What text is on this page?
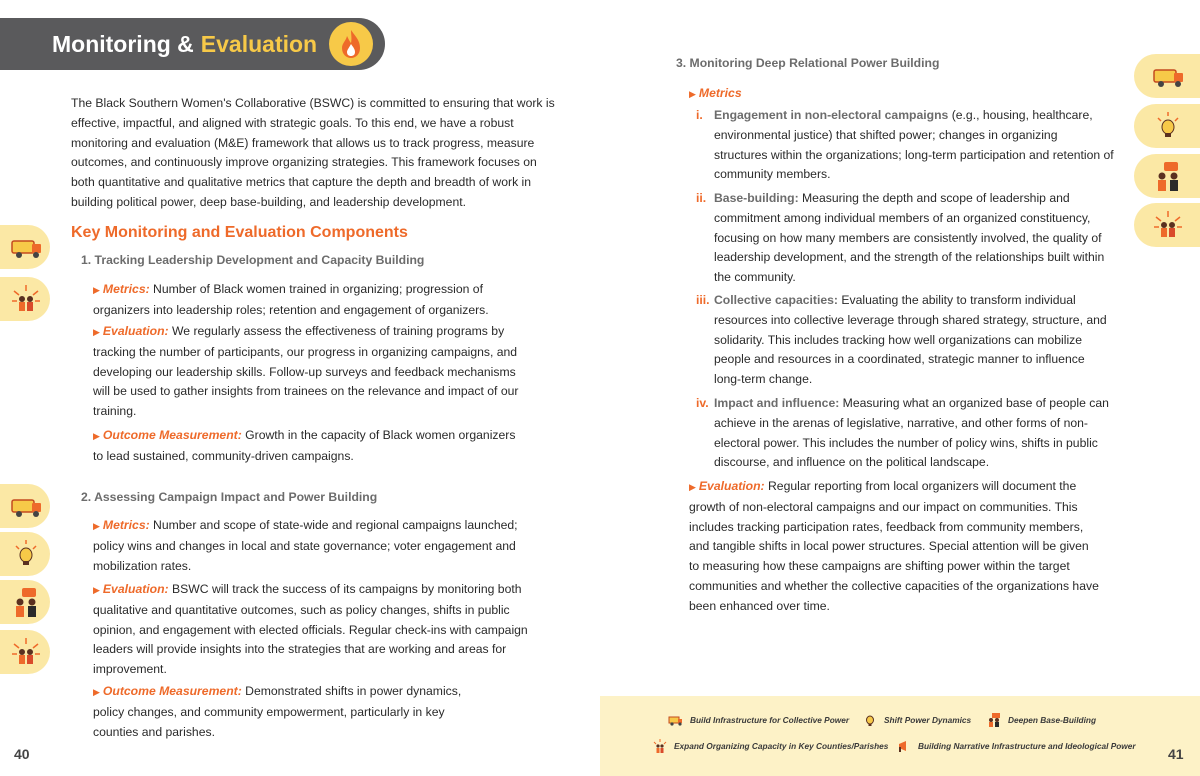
Monitoring & Evaluation
The Black Southern Women's Collaborative (BSWC) is committed to ensuring that work is effective, impactful, and aligned with strategic goals. To this end, we have a robust monitoring and evaluation (M&E) framework that allows us to track progress, measure outcomes, and continuously improve organizing strategies. This framework focuses on both quantitative and qualitative metrics that capture the depth and breadth of work in building political power, deep base-building, and leadership development.
Key Monitoring and Evaluation Components
1. Tracking Leadership Development and Capacity Building
▶ Metrics: Number of Black women trained in organizing; progression of organizers into leadership roles; retention and engagement of organizers.
▶ Evaluation: We regularly assess the effectiveness of training programs by tracking the number of participants, our progress in organizing campaigns, and developing our leadership skills. Follow-up surveys and feedback mechanisms will be used to gather insights from trainees on the relevance and impact of our training.
▶ Outcome Measurement: Growth in the capacity of Black women organizers to lead sustained, community-driven campaigns.
2. Assessing Campaign Impact and Power Building
▶ Metrics: Number and scope of state-wide and regional campaigns launched; policy wins and changes in local and state governance; voter engagement and mobilization rates.
▶ Evaluation: BSWC will track the success of its campaigns by monitoring both qualitative and quantitative outcomes, such as policy changes, shifts in public opinion, and engagement with elected officials. Regular check-ins with campaign leaders will provide insights into the strategies that are working and areas for improvement.
▶ Outcome Measurement: Demonstrated shifts in power dynamics, policy changes, and community empowerment, particularly in key counties and parishes.
40
3. Monitoring Deep Relational Power Building
▶ Metrics
i. Engagement in non-electoral campaigns (e.g., housing, healthcare, environmental justice) that shifted power; changes in organizing structures within the organizations; long-term participation and retention of community members.
ii. Base-building: Measuring the depth and scope of leadership and commitment among individual members of an organized constituency, focusing on how many members are consistently involved, the quality of leadership development, and the strength of the relationships built within the community.
iii. Collective capacities: Evaluating the ability to transform individual resources into collective leverage through shared strategy, structure, and solidarity. This includes tracking how well organizations can mobilize people and resources in a coordinated, strategic manner to influence long-term change.
iv. Impact and influence: Measuring what an organized base of people can achieve in the arenas of legislative, narrative, and other forms of non-electoral power. This includes the number of policy wins, shifts in public discourse, and influence on the political landscape.
▶ Evaluation: Regular reporting from local organizers will document the growth of non-electoral campaigns and our impact on communities. This includes tracking participation rates, feedback from community members, and tangible shifts in local power structures. Special attention will be given to measuring how these campaigns are shifting power within the target communities and whether the collective capacities of the organizations have been enhanced over time.
Build Infrastructure for Collective Power	Shift Power Dynamics	Deepen Base-Building
Expand Organizing Capacity in Key Counties/Parishes	Building Narrative Infrastructure and Ideological Power 41
